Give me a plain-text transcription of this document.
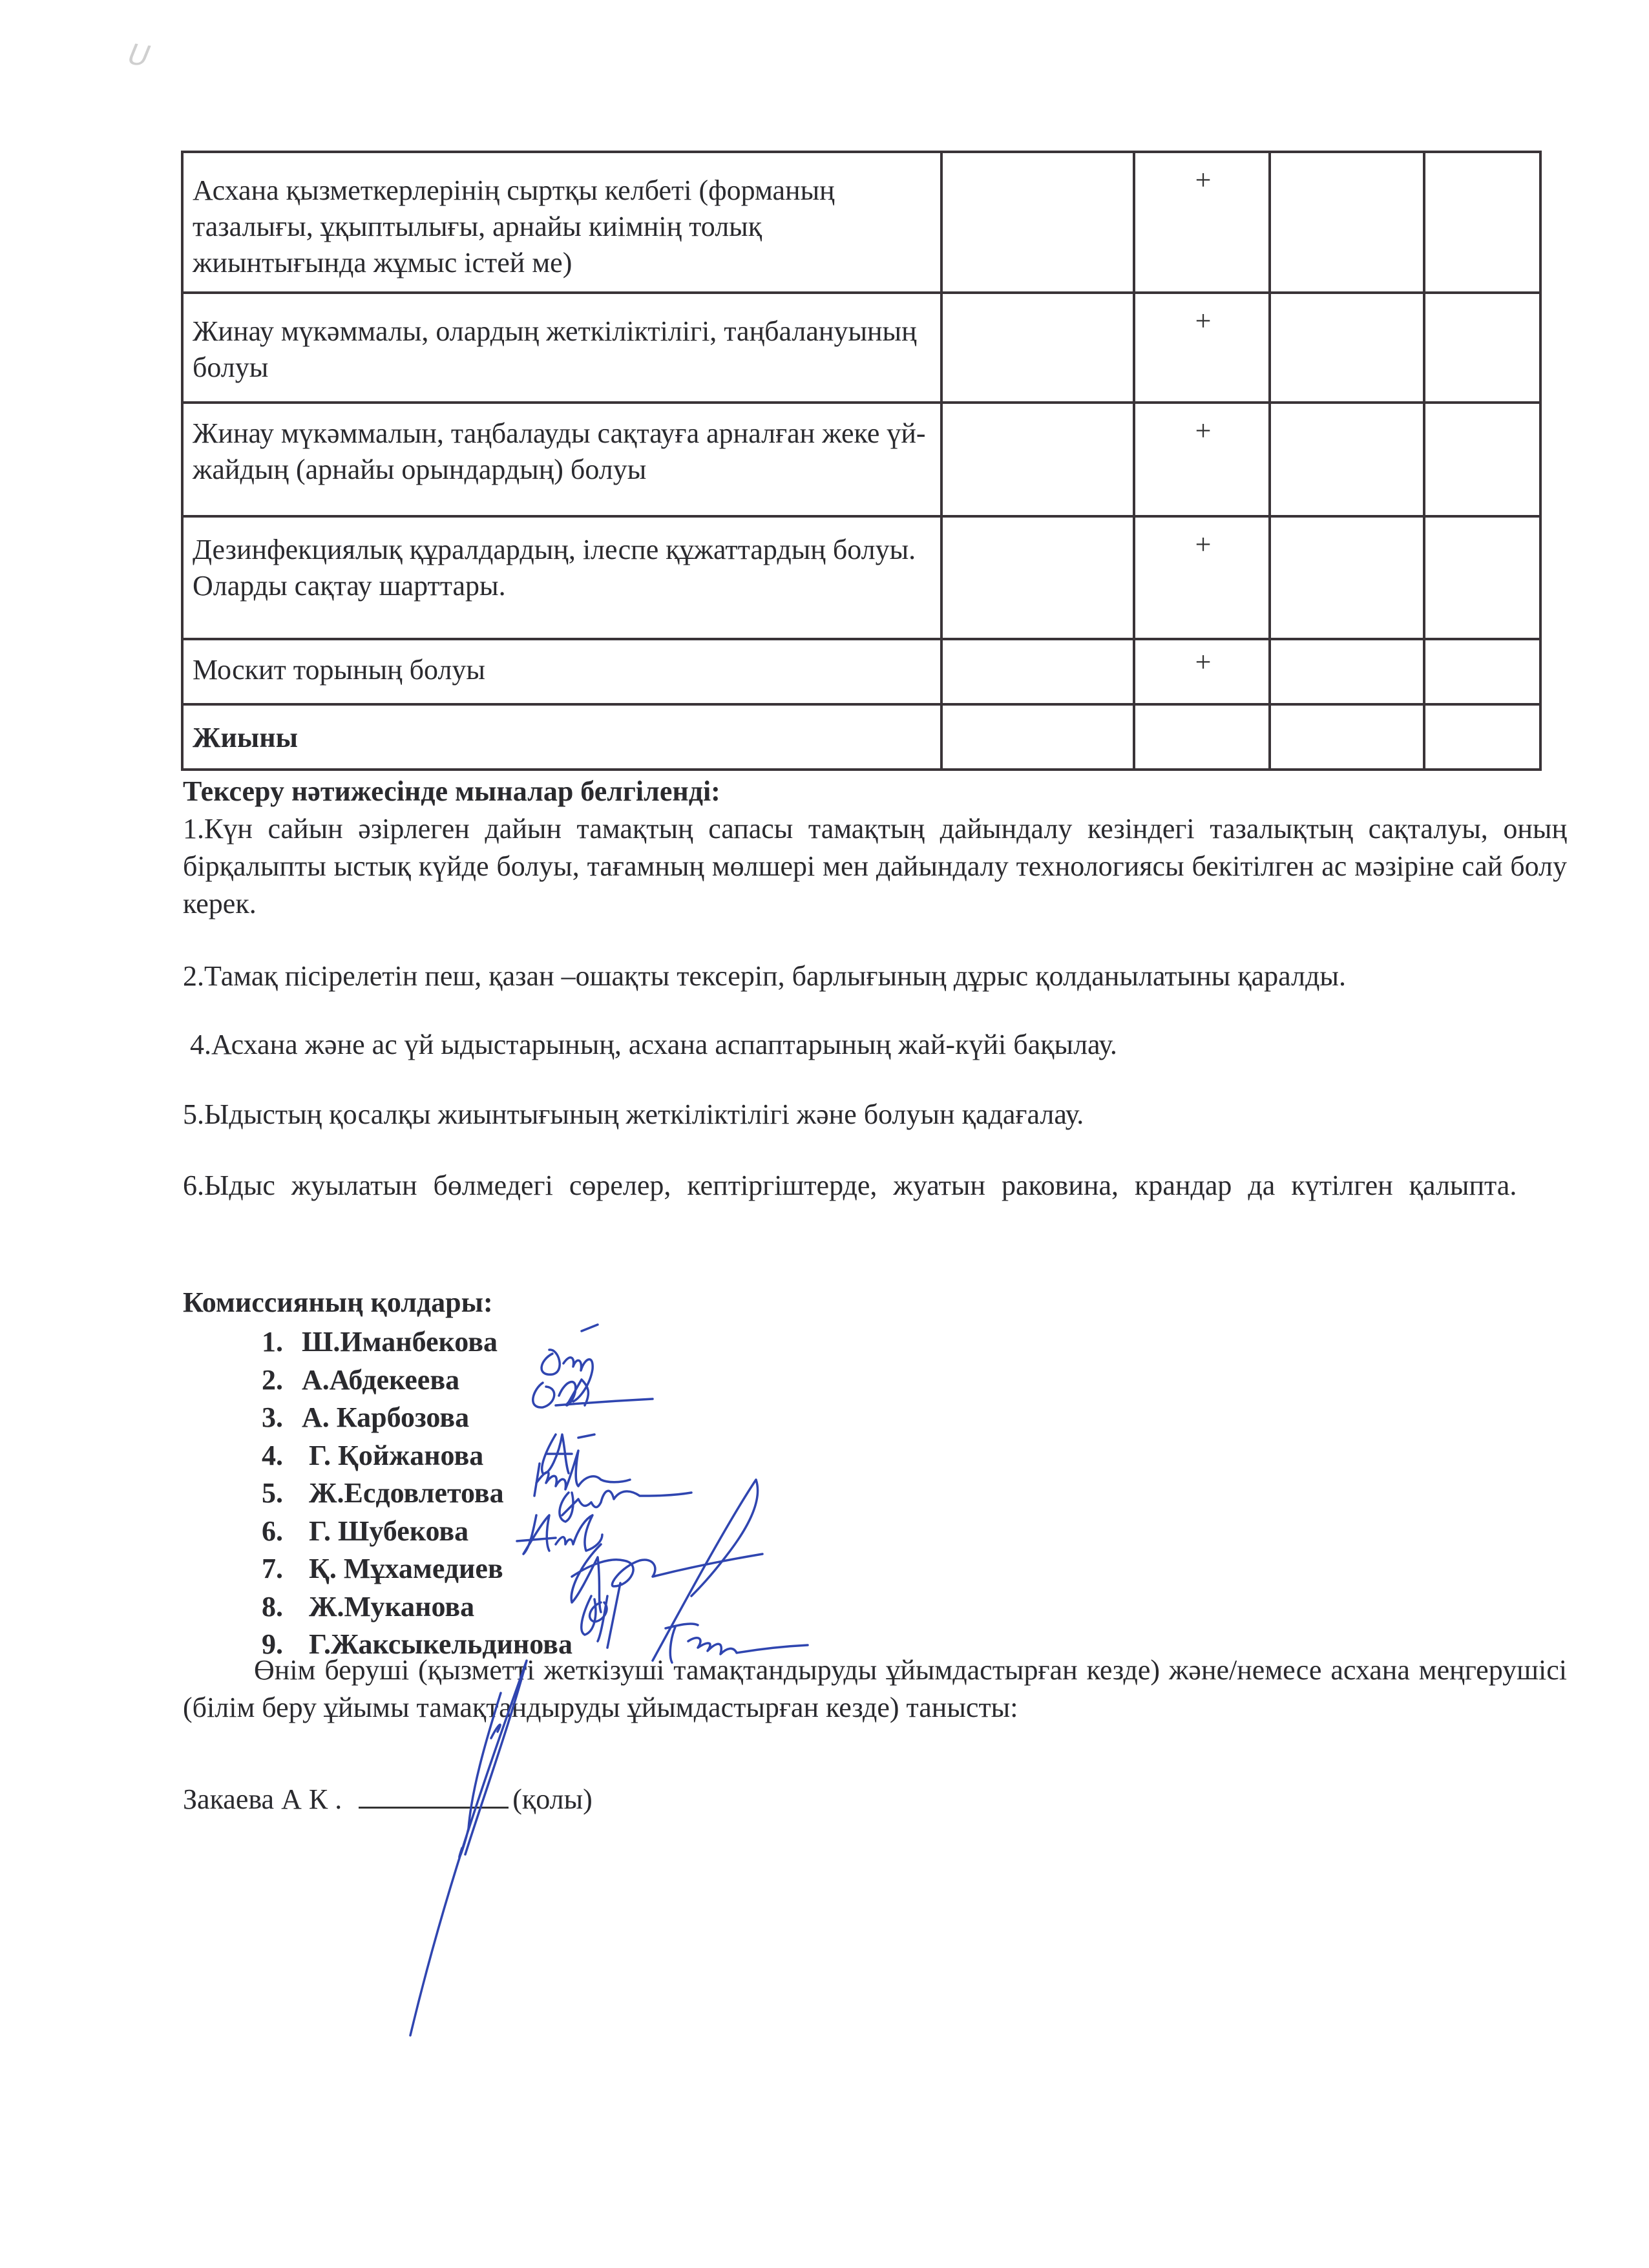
ᑌ
Асхана қызметкерлерінің сыртқы келбеті (форманың тазалығы, ұқыптылығы, арнайы киімнің толық жиынтығында жұмыс істей ме)		+		
Жинау мүкәммалы, олардың жеткіліктілігі, таңбалануының болуы		+		
Жинау мүкәммалын, таңбалауды сақтауға арналған жеке үй-жайдың (арнайы орындардың) болуы		+		
Дезинфекциялық құралдардың, ілеспе құжаттардың болуы. Оларды сақтау шарттары.		+		
Москит торының болуы		+		
Жиыны				
Тексеру нәтижесінде мыналар белгіленді:
1.Күн сайын әзірлеген дайын тамақтың сапасы тамақтың дайындалу кезіндегі тазалықтың сақталуы, оның бірқалыпты ыстық күйде болуы, тағамның мөлшері мен дайындалу технологиясы бекітілген ас мәзіріне сай болу керек.
2.Тамақ пісірелетін пеш, қазан –ошақты тексеріп, барлығының дұрыс қолданылатыны қаралды.
4.Асхана және ас үй ыдыстарының, асхана аспаптарының жай-күйі бақылау.
5.Ыдыстың қосалқы жиынтығының жеткіліктілігі және болуын қадағалау.
6.Ыдыс жуылатын бөлмедегі сөрелер, кептіргіштерде, жуатын раковина, крандар да күтілген қалыпта.
Комиссияның қолдары:
1. Ш.Иманбекова
2. А.Абдекеева
3. А. Карбозова
4. Г. Қойжанова
5. Ж.Есдовлетова
6. Г. Шубекова
7. Қ. Мұхамедиев
8. Ж.Муканова
9. Г.Жаксыкельдинова
Өнім беруші (қызметті жеткізуші тамақтандыруды ұйымдастырған кезде) және/немесе асхана меңгерушісі (білім беру ұйымы тамақтандыруды ұйымдастырған кезде) танысты:
Закаева А К .	(қолы)
